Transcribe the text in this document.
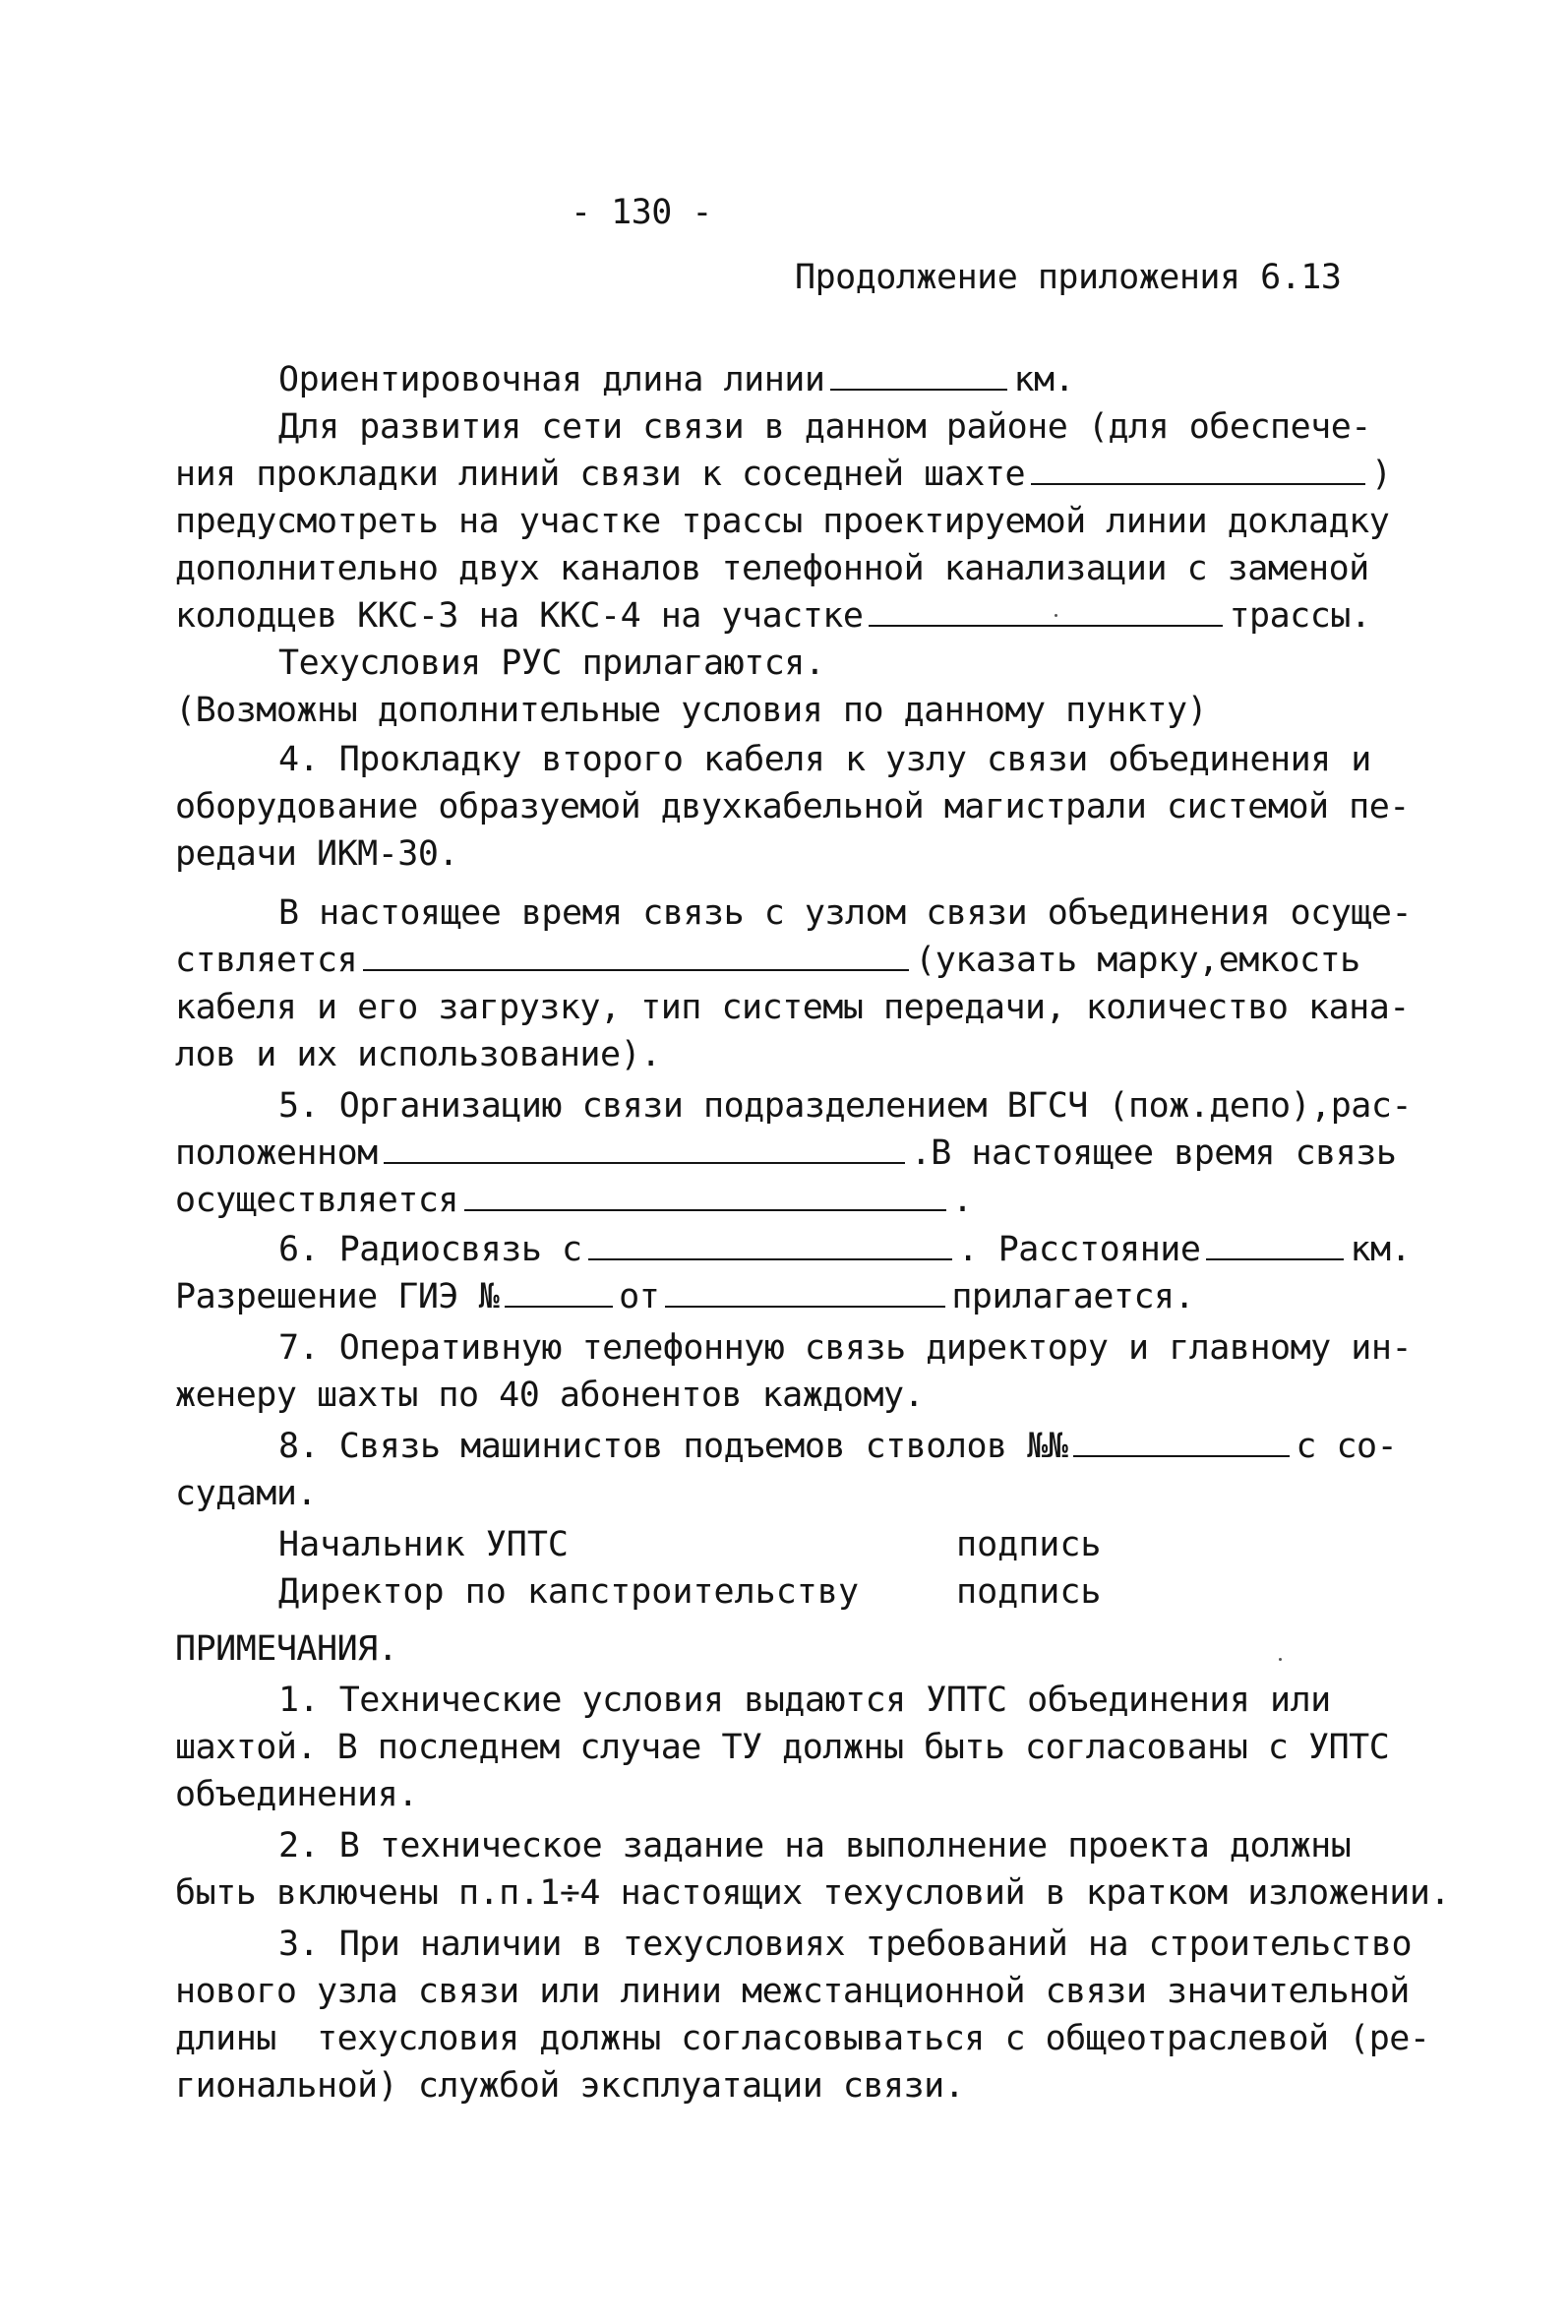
- 130 -
Продолжение приложения 6.13
Ориентировочная длина линии	км.
Для развития сети связи в данном районе (для обеспече-
ния прокладки линий связи к соседней шахте	)
предусмотреть на участке трассы проектируемой линии докладку
дополнительно двух каналов телефонной канализации с заменой
колодцев ККС-3 на ККС-4 на участке	трассы.
Техусловия РУС прилагаются.
(Возможны дополнительные условия по данному пункту)
4. Прокладку второго кабеля к узлу связи объединения и
оборудование образуемой двухкабельной магистрали системой пе-
редачи ИКМ-30.
В настоящее время связь с узлом связи объединения осуще-
ствляется	(указать марку,емкость
кабеля и его загрузку, тип системы передачи, количество кана-
лов и их использование).
5. Организацию связи подразделением ВГСЧ (пож.депо),рас-
положенном	.В настоящее время связь
осуществляется	.
6. Радиосвязь с	. Расстояние	км.
Разрешение ГИЭ №	от	прилагается.
7. Оперативную телефонную связь директору и главному ин-
женеру шахты по 40 абонентов каждому.
8. Связь машинистов подъемов стволов №№	с со-
судами.
Начальник УПТС	подпись
Директор по капстроительству	подпись
ПРИМЕЧАНИЯ.
1. Технические условия выдаются УПТС объединения или
шахтой. В последнем случае ТУ должны быть согласованы с УПТС
объединения.
2. В техническое задание на выполнение проекта должны
быть включены п.п.1÷4 настоящих техусловий в кратком изложении.
3. При наличии в техусловиях требований на строительство
нового узла связи или линии межстанционной связи значительной
длины  техусловия должны согласовываться с общеотраслевой (ре-
гиональной) службой эксплуатации связи.
